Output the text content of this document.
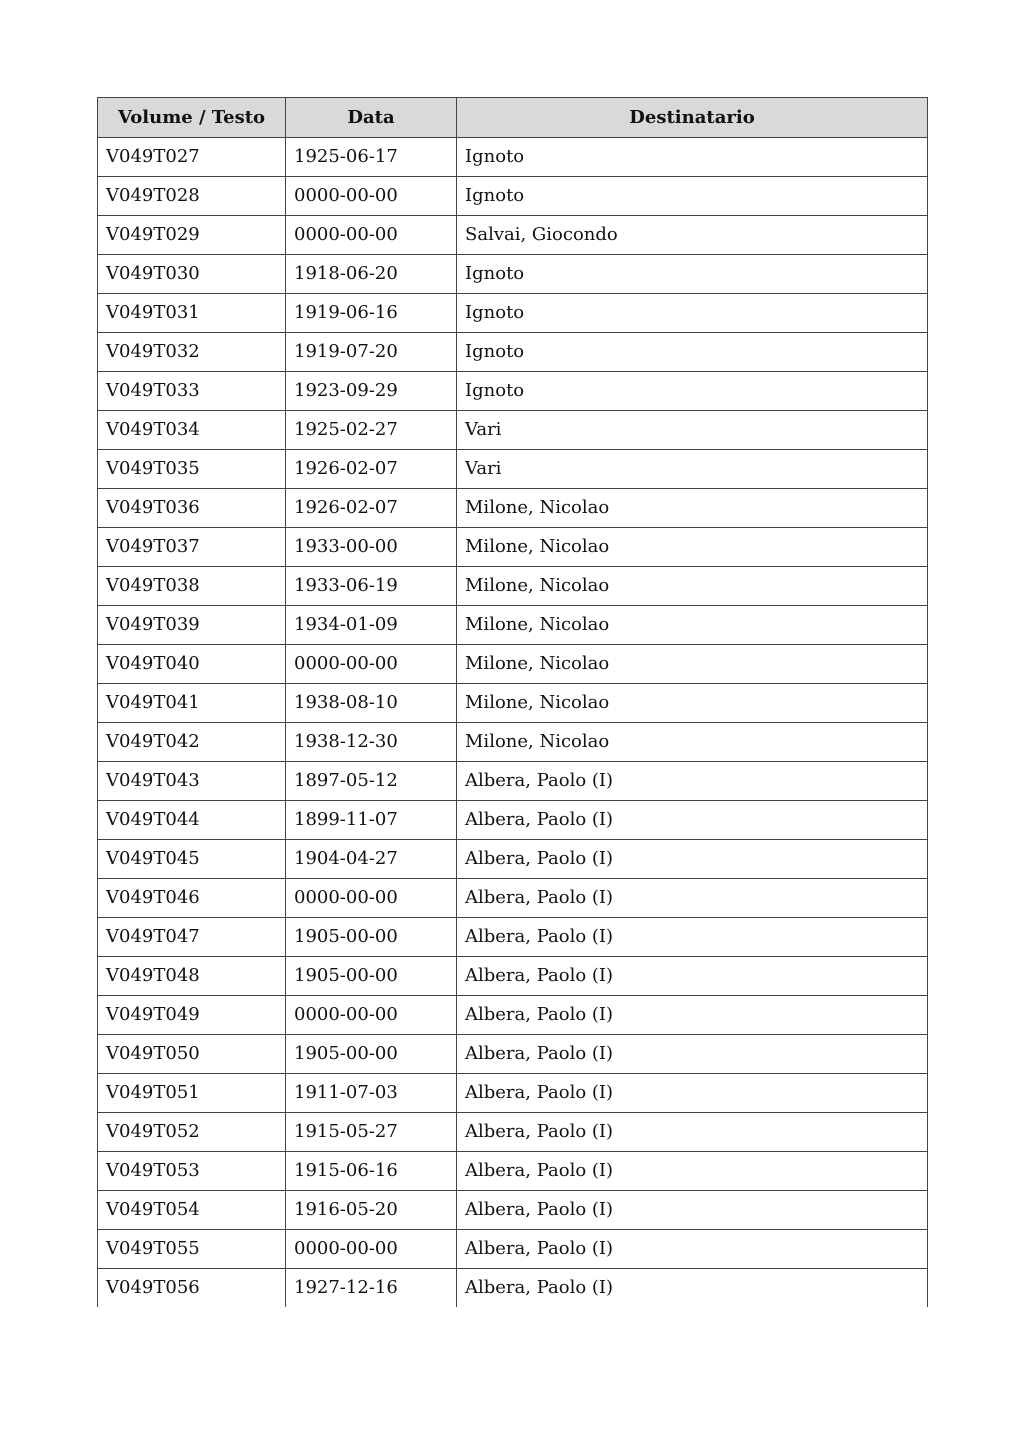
Volume / Testo	Data	Destinatario
V049T027	1925-06-17	Ignoto
V049T028	0000-00-00	Ignoto
V049T029	0000-00-00	Salvai, Giocondo
V049T030	1918-06-20	Ignoto
V049T031	1919-06-16	Ignoto
V049T032	1919-07-20	Ignoto
V049T033	1923-09-29	Ignoto
V049T034	1925-02-27	Vari
V049T035	1926-02-07	Vari
V049T036	1926-02-07	Milone, Nicolao
V049T037	1933-00-00	Milone, Nicolao
V049T038	1933-06-19	Milone, Nicolao
V049T039	1934-01-09	Milone, Nicolao
V049T040	0000-00-00	Milone, Nicolao
V049T041	1938-08-10	Milone, Nicolao
V049T042	1938-12-30	Milone, Nicolao
V049T043	1897-05-12	Albera, Paolo (I)
V049T044	1899-11-07	Albera, Paolo (I)
V049T045	1904-04-27	Albera, Paolo (I)
V049T046	0000-00-00	Albera, Paolo (I)
V049T047	1905-00-00	Albera, Paolo (I)
V049T048	1905-00-00	Albera, Paolo (I)
V049T049	0000-00-00	Albera, Paolo (I)
V049T050	1905-00-00	Albera, Paolo (I)
V049T051	1911-07-03	Albera, Paolo (I)
V049T052	1915-05-27	Albera, Paolo (I)
V049T053	1915-06-16	Albera, Paolo (I)
V049T054	1916-05-20	Albera, Paolo (I)
V049T055	0000-00-00	Albera, Paolo (I)
V049T056	1927-12-16	Albera, Paolo (I)
